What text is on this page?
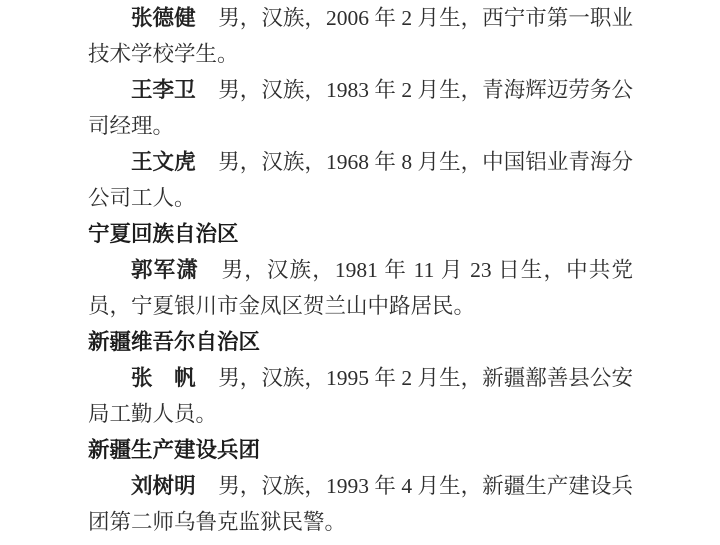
张德健 男，汉族，2006 年 2 月生，西宁市第一职业技术学校学生。

王李卫 男，汉族，1983 年 2 月生，青海辉迈劳务公司经理。

王文虎 男，汉族，1968 年 8 月生，中国铝业青海分公司工人。

宁夏回族自治区

郭军潇 男，汉族，1981 年 11 月 23 日生，中共党员，宁夏银川市金凤区贺兰山中路居民。

新疆维吾尔自治区

张　帆 男，汉族，1995 年 2 月生，新疆鄯善县公安局工勤人员。

新疆生产建设兵团

刘树明 男，汉族，1993 年 4 月生，新疆生产建设兵团第二师乌鲁克监狱民警。
